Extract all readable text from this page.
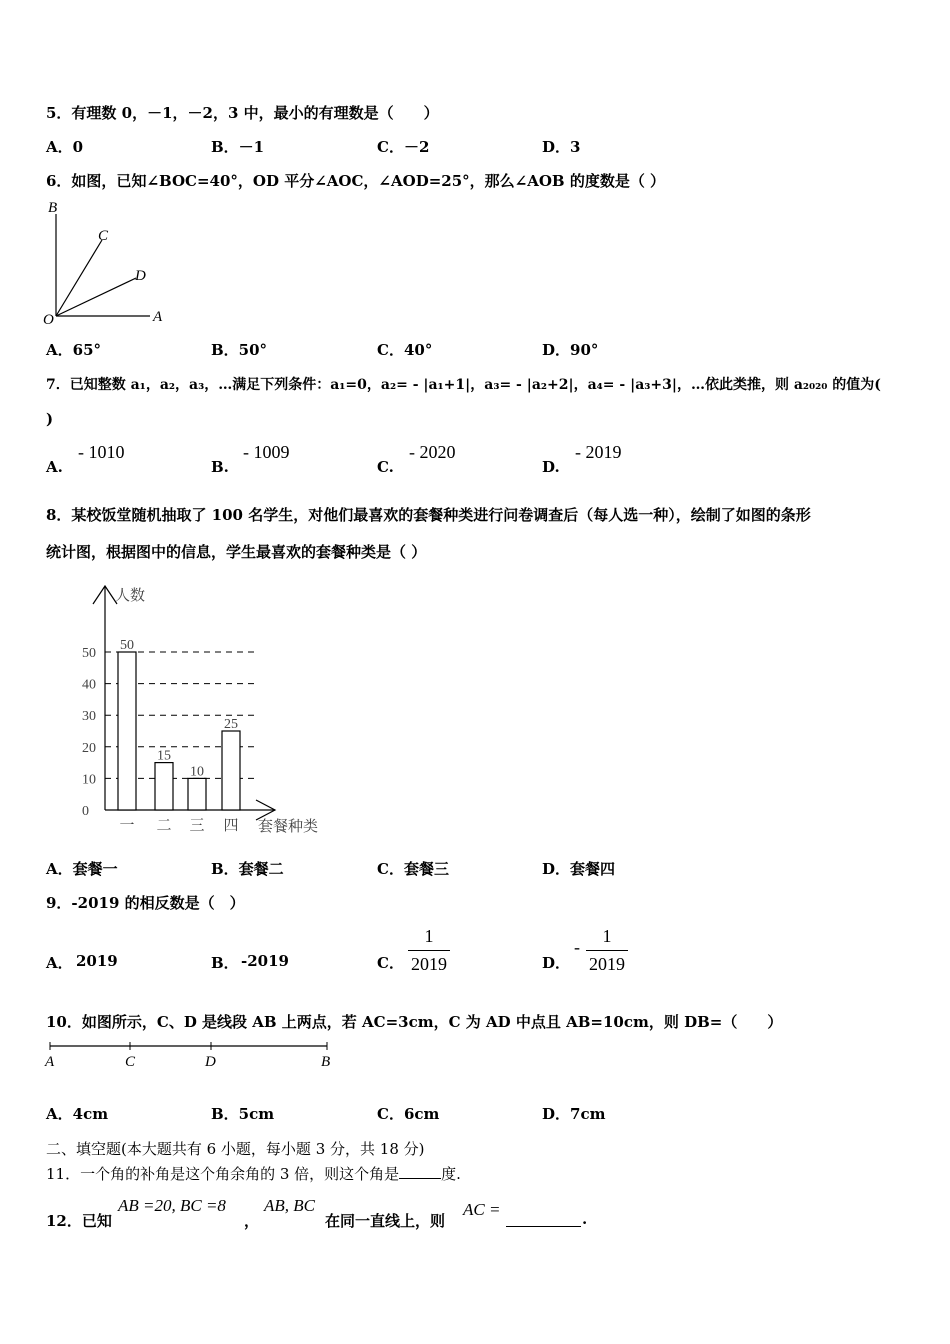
5．有理数 0，－1，－2，3 中，最小的有理数是（　　）
A．0	B．－1	C．－2	D．3
6．如图，已知∠BOC=40°，OD 平分∠AOC，∠AOD=25°，那么∠AOB 的度数是（ ）
B
C
D
O	A
A．65°	B．50°	C．40°	D．90°
7．已知整数 a₁，a₂，a₃，…满足下列条件：a₁=0，a₂= - |a₁+1|，a₃= - |a₂+2|，a₄= - |a₃+3|，…依此类推，则 a₂₀₂₀ 的值为(
)
A.
- 1010
B.
- 1009
C.
- 2020
D.
- 2019
8．某校饭堂随机抽取了 100 名学生，对他们最喜欢的套餐种类进行问卷调查后（每人选一种），绘制了如图的条形
统计图，根据图中的信息，学生最喜欢的套餐种类是（ ）
50
15
10
25
0
10
20
30
40
50
一 二 三 四
人数
套餐种类
A．套餐一	B．套餐二	C．套餐三	D．套餐四
9．-2019 的相反数是（　）
A． 2019	B． -2019	C．
1
2019	D．
-
1
2019
10．如图所示，C、D 是线段 AB 上两点，若 AC=3cm，C 为 AD 中点且 AB=10cm，则 DB=（　　）
A	C	D	B
A．4cm	B．5cm	C．6cm	D．7cm
二、填空题(本大题共有 6 小题，每小题 3 分，共 18 分)
11．一个角的补角是这个角余角的 3 倍，则这个角是	度.
12．已知
AB =20, BC =8
，
AB, BC
在同一直线上，则
AC =	.
